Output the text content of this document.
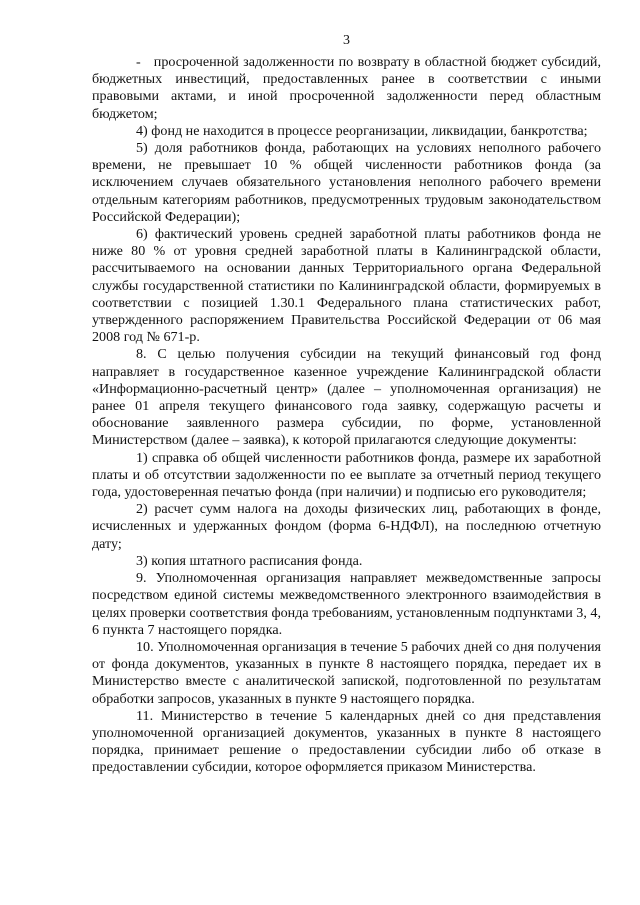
3

-   просроченной задолженности по возврату в областной бюджет субсидий, бюджетных инвестиций, предоставленных ранее в соответствии с иными правовыми актами, и иной просроченной задолженности перед областным бюджетом;

4) фонд не находится в процессе реорганизации, ликвидации, банкротства;

5) доля работников фонда, работающих на условиях неполного рабочего времени, не превышает 10 % общей численности работников фонда (за исключением случаев обязательного установления неполного рабочего времени отдельным категориям работников, предусмотренных трудовым законодательством Российской Федерации);

6) фактический уровень средней заработной платы работников фонда не ниже 80 % от уровня средней заработной платы в Калининградской области, рассчитываемого на основании данных Территориального органа Федеральной службы государственной статистики по Калининградской области, формируемых в соответствии с позицией 1.30.1 Федерального плана статистических работ, утвержденного распоряжением Правительства Российской Федерации от 06 мая 2008 год № 671-р.

8. С целью получения субсидии на текущий финансовый год фонд направляет в государственное казенное учреждение Калининградской области «Информационно-расчетный центр» (далее – уполномоченная организация) не ранее 01 апреля текущего финансового года заявку, содержащую расчеты и обоснование заявленного размера субсидии, по форме, установленной Министерством (далее – заявка), к которой прилагаются следующие документы:

1) справка об общей численности работников фонда, размере их заработной платы и об отсутствии задолженности по ее выплате за отчетный период текущего года, удостоверенная печатью фонда (при наличии) и подписью его руководителя;

2) расчет сумм налога на доходы физических лиц, работающих в фонде, исчисленных и удержанных фондом (форма 6-НДФЛ), на последнюю отчетную дату;

3) копия штатного расписания фонда.

9. Уполномоченная организация направляет межведомственные запросы посредством единой системы межведомственного электронного взаимодействия в целях проверки соответствия фонда требованиям, установленным подпунктами 3, 4, 6 пункта 7 настоящего порядка.

10. Уполномоченная организация в течение 5 рабочих дней со дня получения от фонда документов, указанных в пункте 8 настоящего порядка, передает их в Министерство вместе с аналитической запиской, подготовленной по результатам обработки запросов, указанных в пункте 9 настоящего порядка.

11. Министерство в течение 5 календарных дней со дня представления уполномоченной организацией документов, указанных в пункте 8 настоящего порядка, принимает решение о предоставлении субсидии либо об отказе в предоставлении субсидии, которое оформляется приказом Министерства.
